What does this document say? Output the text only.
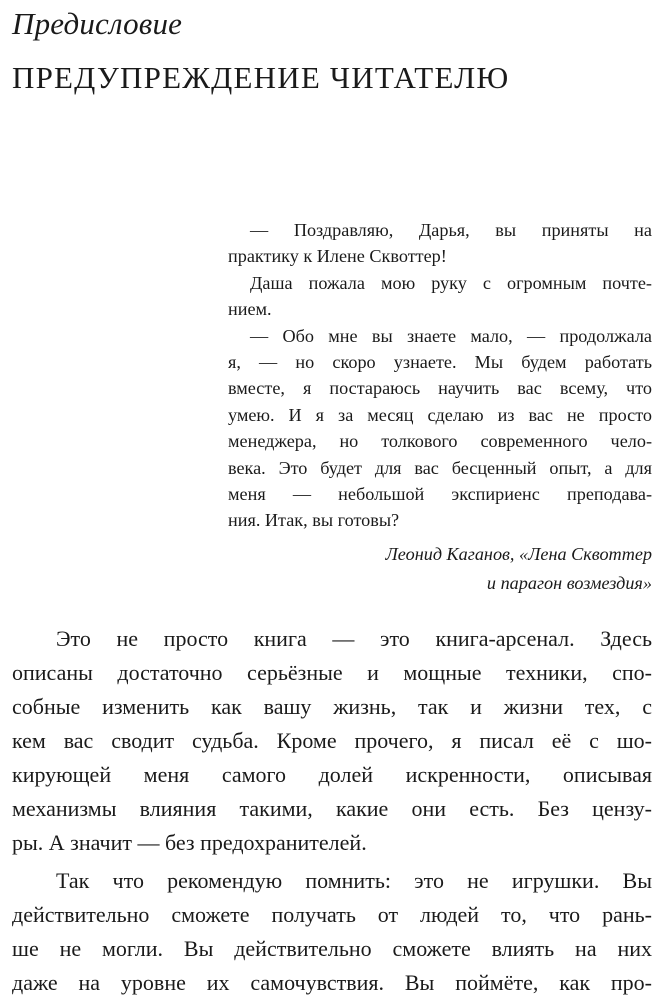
Предисловие
ПРЕДУПРЕЖДЕНИЕ ЧИТАТЕЛЮ
— Поздравляю, Дарья, вы приняты на
практику к Илене Сквоттер!
Даша пожала мою руку с огромным почте-
нием.
— Обо мне вы знаете мало, — продолжала
я, — но скоро узнаете. Мы будем работать
вместе, я постараюсь научить вас всему, что
умею. И я за месяц сделаю из вас не просто
менеджера, но толкового современного чело-
века. Это будет для вас бесценный опыт, а для
меня — небольшой экспириенс преподава-
ния. Итак, вы готовы?
Леонид Каганов, «Лена Сквоттер
и парагон возмездия»
Это не просто книга — это книга-арсенал. Здесь
описаны достаточно серьёзные и мощные техники, спо-
собные изменить как вашу жизнь, так и жизни тех, с
кем вас сводит судьба. Кроме прочего, я писал её с шо-
кирующей меня самого долей искренности, описывая
механизмы влияния такими, какие они есть. Без цензу-
ры. А значит — без предохранителей.
Так что рекомендую помнить: это не игрушки. Вы
действительно сможете получать от людей то, что рань-
ше не могли. Вы действительно сможете влиять на них
даже на уровне их самочувствия. Вы поймёте, как про-
